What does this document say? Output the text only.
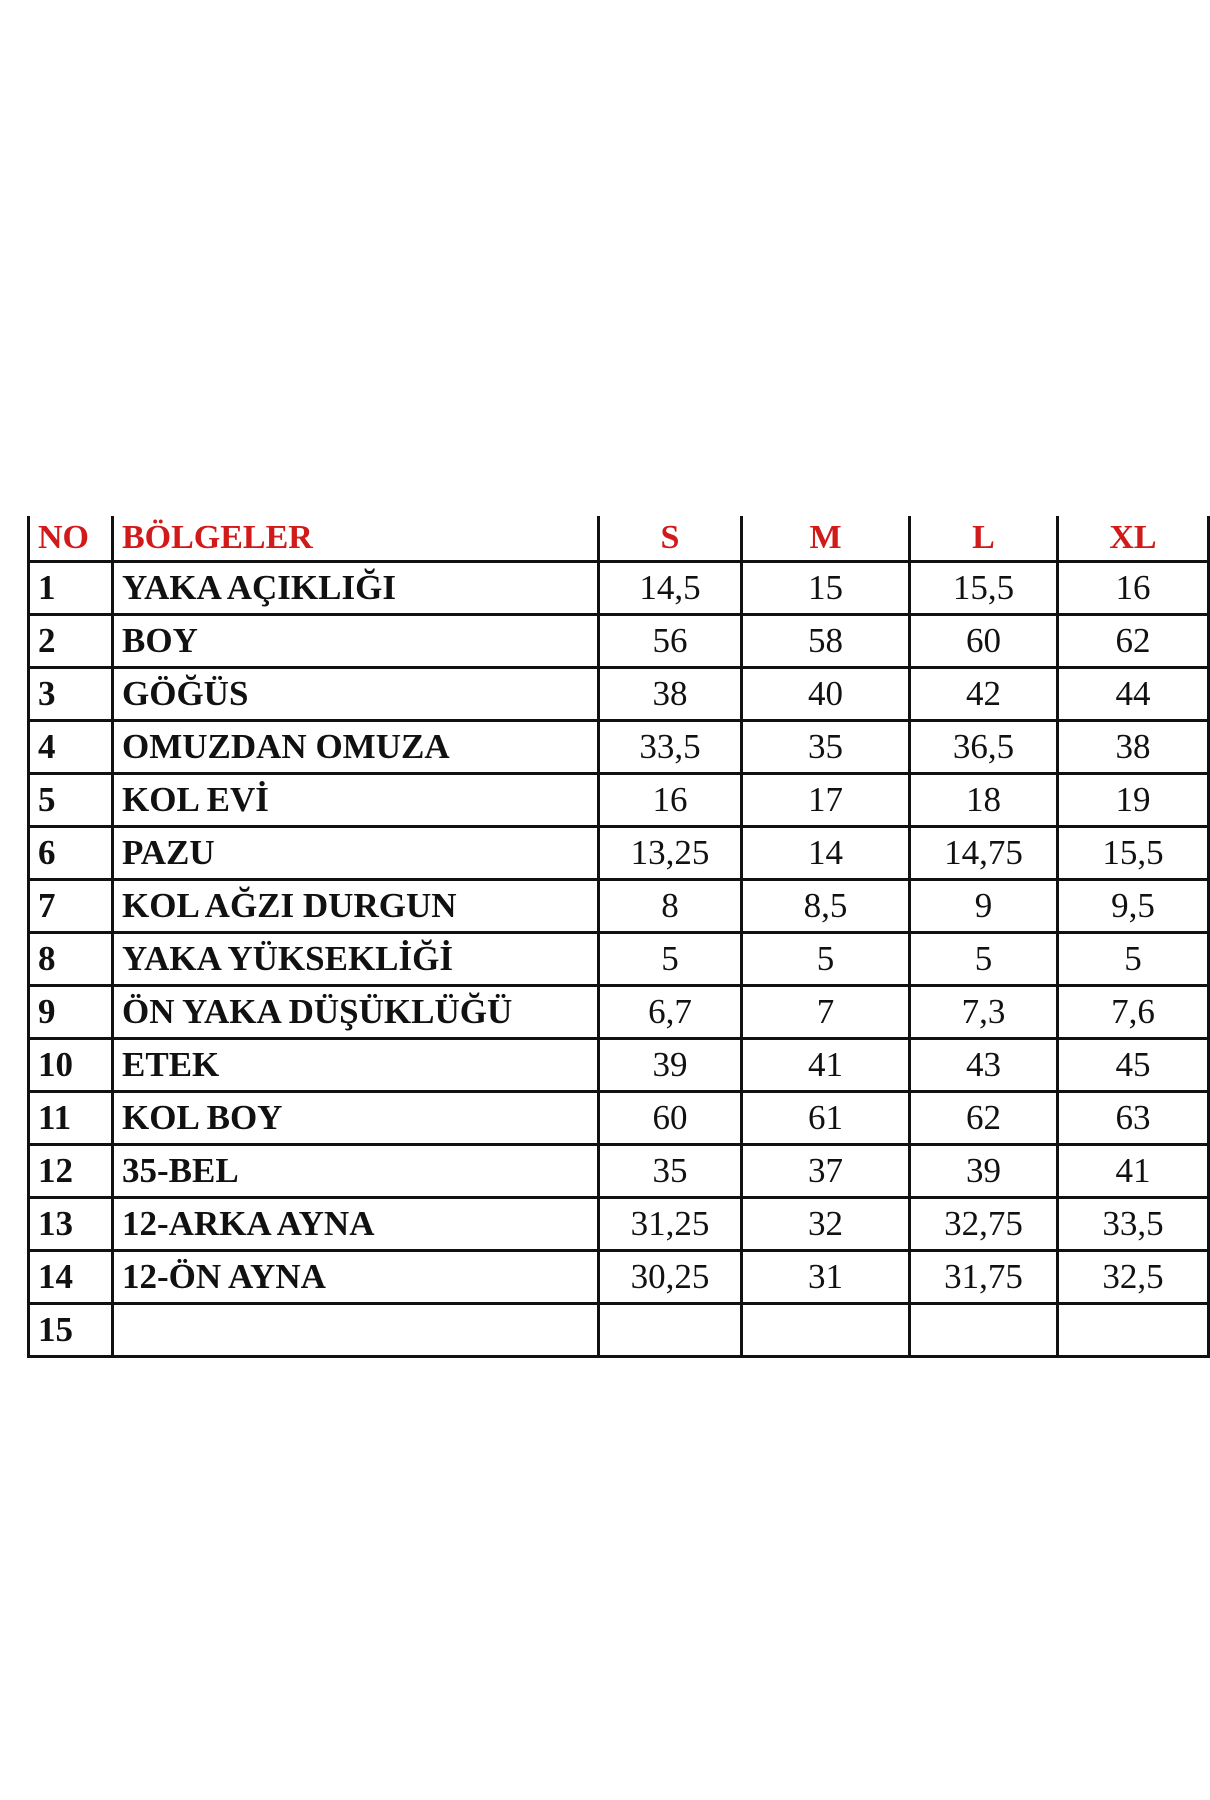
NO	BÖLGELER	S	M	L	XL
1	YAKA AÇIKLIĞI	14,5	15	15,5	16
2	BOY	56	58	60	62
3	GÖĞÜS	38	40	42	44
4	OMUZDAN OMUZA	33,5	35	36,5	38
5	KOL EVİ	16	17	18	19
6	PAZU	13,25	14	14,75	15,5
7	KOL AĞZI DURGUN	8	8,5	9	9,5
8	YAKA YÜKSEKLİĞİ	5	5	5	5
9	ÖN YAKA DÜŞÜKLÜĞÜ	6,7	7	7,3	7,6
10	ETEK	39	41	43	45
11	KOL BOY	60	61	62	63
12	35-BEL	35	37	39	41
13	12-ARKA AYNA	31,25	32	32,75	33,5
14	12-ÖN AYNA	30,25	31	31,75	32,5
15					
